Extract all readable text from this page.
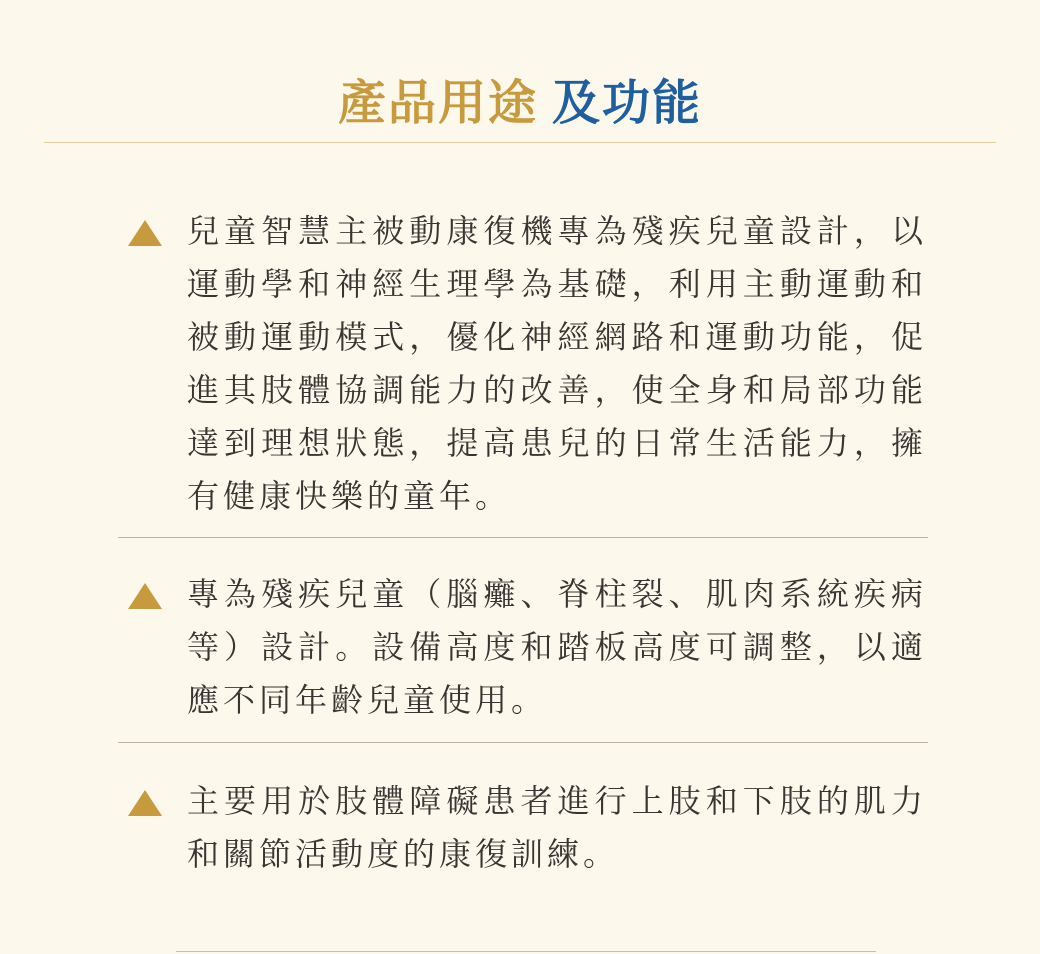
產品用途 及功能

兒童智慧主被動康復機專為殘疾兒童設計，以運動學和神經生理學為基礎，利用主動運動和被動運動模式，優化神經網路和運動功能，促進其肢體協調能力的改善，使全身和局部功能達到理想狀態，提高患兒的日常生活能力，擁有健康快樂的童年。

專為殘疾兒童（腦癱、脊柱裂、肌肉系統疾病等）設計。設備高度和踏板高度可調整，以適應不同年齡兒童使用。

主要用於肢體障礙患者進行上肢和下肢的肌力和關節活動度的康復訓練。
